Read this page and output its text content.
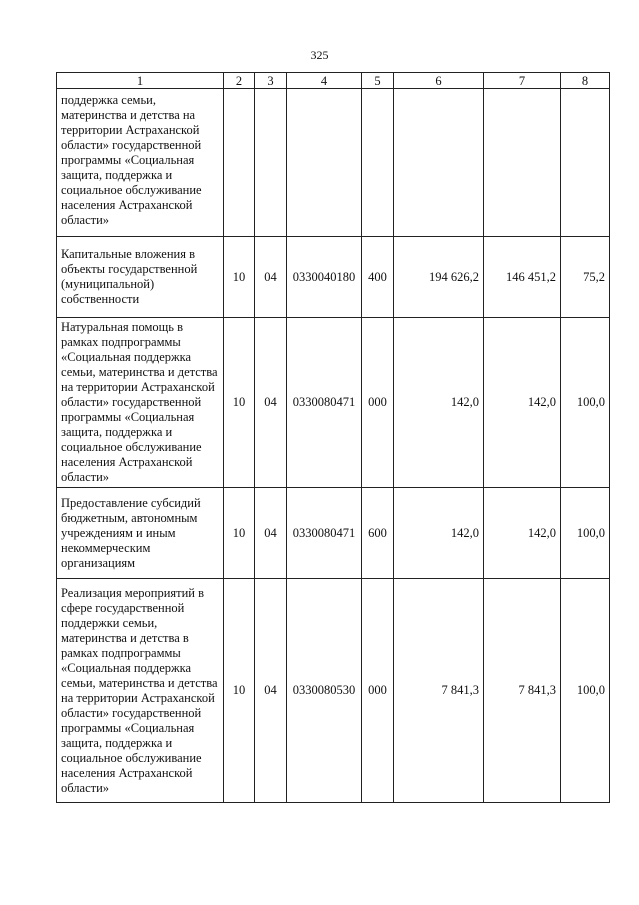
325
1	2	3	4	5	6	7	8
поддержка семьи, материнства и детства на территории Астраханской области» государственной программы «Социальная защита, поддержка и социальное обслуживание населения Астраханской области»							
Капитальные вложения в объекты государственной (муниципальной) собственности	10	04	0330040180	400	194 626,2	146 451,2	75,2
Натуральная помощь в рамках подпрограммы «Социальная поддержка семьи, материнства и детства на территории Астраханской области» государственной программы «Социальная защита, поддержка и социальное обслуживание населения Астраханской области»	10	04	0330080471	000	142,0	142,0	100,0
Предоставление субсидий бюджетным, автономным учреждениям и иным некоммерческим организациям	10	04	0330080471	600	142,0	142,0	100,0
Реализация мероприятий в сфере государственной поддержки семьи, материнства и детства в рамках подпрограммы «Социальная поддержка семьи, материнства и детства на территории Астраханской области» государственной программы «Социальная защита, поддержка и социальное обслуживание населения Астраханской области»	10	04	0330080530	000	7 841,3	7 841,3	100,0
